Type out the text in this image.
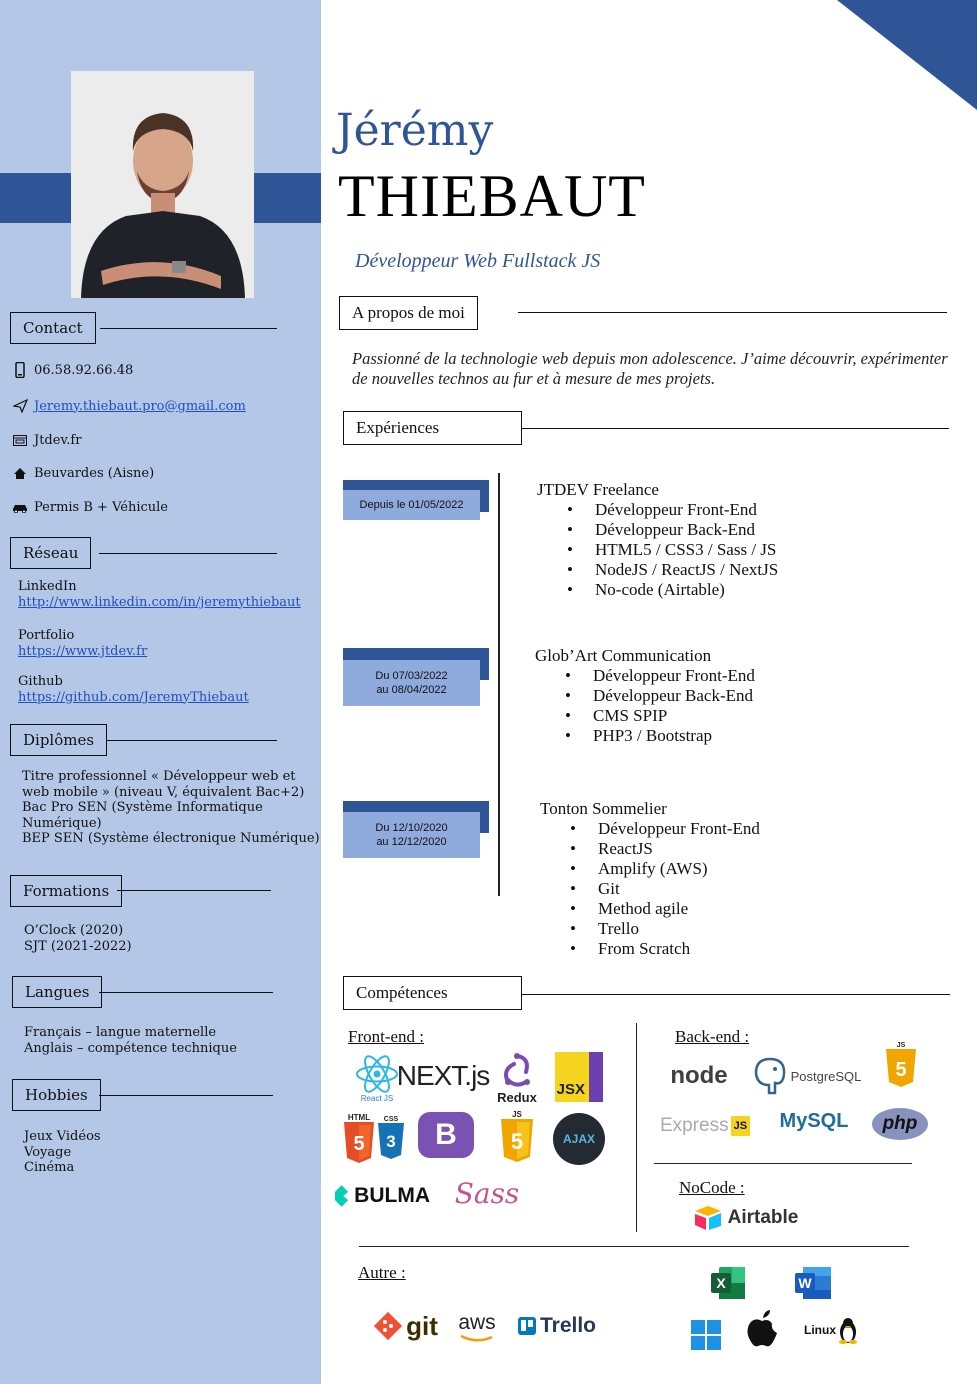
Contact
06.58.92.66.48
Jeremy.thiebaut.pro@gmail.com
Jtdev.fr
Beuvardes (Aisne)
Permis B + Véhicule
Réseau
LinkedIn
http://www.linkedin.com/in/jeremythiebaut
Portfolio
https://www.jtdev.fr
Github
https://github.com/JeremyThiebaut
Diplômes
Titre professionnel « Développeur web et
web mobile » (niveau V, équivalent Bac+2)
Bac Pro SEN (Système Informatique
Numérique)
BEP SEN (Système électronique Numérique)
Formations
O’Clock (2020)
SJT (2021-2022)
Langues
Français – langue maternelle
Anglais – compétence technique
Hobbies
Jeux Vidéos
Voyage
Cinéma
Jérémy
THIEBAUT
Développeur Web Fullstack JS
A propos de moi
Passionné de la technologie web depuis mon adolescence. J’aime découvrir, expérimenter de nouvelles technos au fur et à mesure de mes projets.
Expériences
Depuis le 01/05/2022
JTDEV Freelance
• Développeur Front-End
• Développeur Back-End
• HTML5 / CSS3 / Sass / JS
• NodeJS / ReactJS / NextJS
• No-code (Airtable)
Du 07/03/2022
au 08/04/2022
Glob’Art Communication
• Développeur Front-End
• Développeur Back-End
• CMS SPIP
• PHP3 / Bootstrap
Du 12/10/2020
au 12/12/2020
Tonton Sommelier
• Développeur Front-End
• ReactJS
• Amplify (AWS)
• Git
• Method agile
• Trello
• From Scratch
Compétences
Front-end :	Back-end :
NoCode :
Autre :
React JS
NEXT.js
Redux JSX
HTML
5
CSS
3	B
JS
5	AJAX
BULMA Sass
node	PostgreSQL
JS
5
Express JS	MySQL	php
Airtable
git aws Trello
X	W
Linux
